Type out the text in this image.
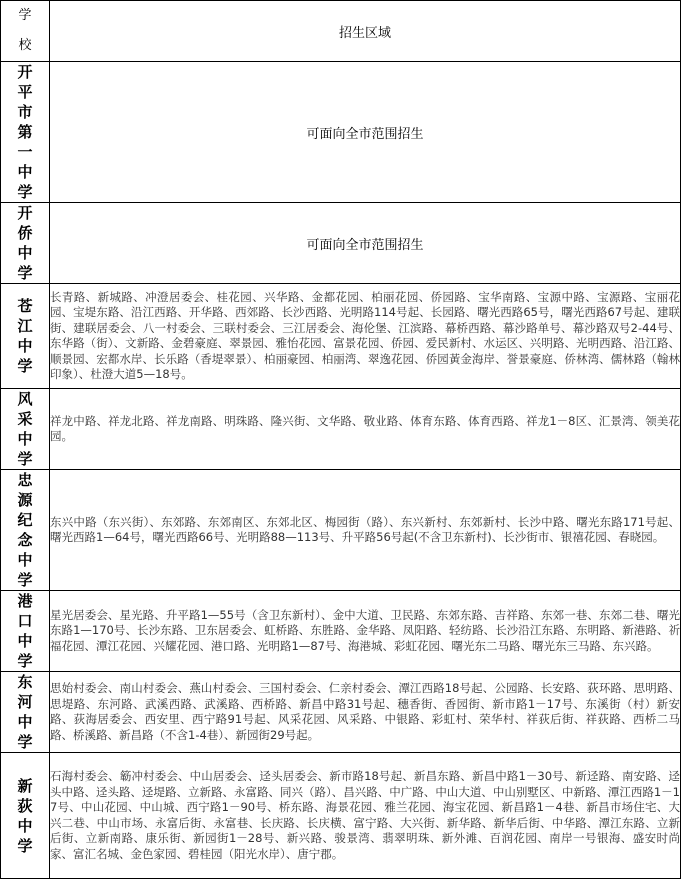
学校	招生区域
开平市第一中学	可面向全市范围招生
开侨中学	可面向全市范围招生
苍江中学	长青路、新城路、冲澄居委会、桂花园、兴华路、金都花园、柏丽花园、侨园路、宝华南路、宝源中路、宝源路、宝丽花园、宝堤东路、沿江西路、开华路、西郊路、长沙西路、光明路114号起、长园路、曙光西路65号，曙光西路67号起、建联街、建联居委会、八一村委会、三联村委会、三江居委会、海伦堡、江滨路、幕桥西路、幕沙路单号、幕沙路双号2-44号、东华路（街）、文新路、金碧豪庭、翠景园、雅怡花园、富景花园、侨园、爱民新村、水运区、兴明路、光明西路、沿江路、顺景园、宏都水岸、长乐路（香堤翠景）、柏丽豪园、柏丽湾、翠逸花园、侨园黃金海岸、誉景豪庭、侨林湾、儒林路（翰林印象）、杜澄大道5—18号。
风采中学	祥龙中路、祥龙北路、祥龙南路、明珠路、隆兴街、文华路、敬业路、体育东路、体育西路、祥龙1－8区、汇景湾、领美花园。
忠源纪念中学	东兴中路（东兴街）、东郊路、东郊南区、东郊北区、梅园街（路）、东兴新村、东郊新村、长沙中路、曙光东路171号起、曙光西路1—64号，曙光西路66号、光明路88—113号、升平路56号起(不含卫东新村)、长沙街市、银禧花园、春晓园。
港口中学	星光居委会、星光路、升平路1—55号（含卫东新村）、金中大道、卫民路、东郊东路、吉祥路、东郊一巷、东郊二巷、曙光东路1—170号、长沙东路、卫东居委会、虹桥路、东胜路、金华路、凤阳路、轻纺路、长沙沿江东路、东明路、新港路、祈福花园、潭江花园、兴耀花园、港口路、光明路1—87号、海港城、彩虹花园、曙光东二马路、曙光东三马路、东兴路。
东河中学	思始村委会、南山村委会、燕山村委会、三国村委会、仁亲村委会、潭江西路18号起、公园路、长安路、荻环路、思明路、思堤路、东河路、武溪西路、武溪路、西桥路、新昌中路31号起、穗香街、香园街、新市路1－17号、东溪街（村）新安路、荻海居委会、西安里、西宁路91号起、风采花园、风采路、中银路、彩虹村、荣华村、祥荻后街、祥荻路、西桥二马路、桥溪路、新昌路（不含1-4巷）、新园街29号起。
新荻中学	石海村委会、簕冲村委会、中山居委会、迳头居委会、新市路18号起、新昌东路、新昌中路1－30号、新迳路、南安路、迳头中路、迳头路、迳堤路、立新路、永富路、同兴（路）、昌兴路、中广路、中山大道、中山别墅区、中新路、潭江西路1－17号、中山花园、中山城、西宁路1－90号、桥东路、海景花园、雅兰花园、海宝花园、新昌路1－4巷、新昌市场住宅、大兴二巷、中山市场、永富后街、永富巷、长庆路、长庆横、富宁路、大兴街、新华路、新华后街、中华路、潭江东路、立新后街、立新南路、康乐街、新园街1－28号、新兴路、骏景湾、翡翠明珠、新外滩、百润花园、南岸一号银海、盛安时尚家、富汇名城、金色家园、碧桂园（阳光水岸）、唐宁郡。
